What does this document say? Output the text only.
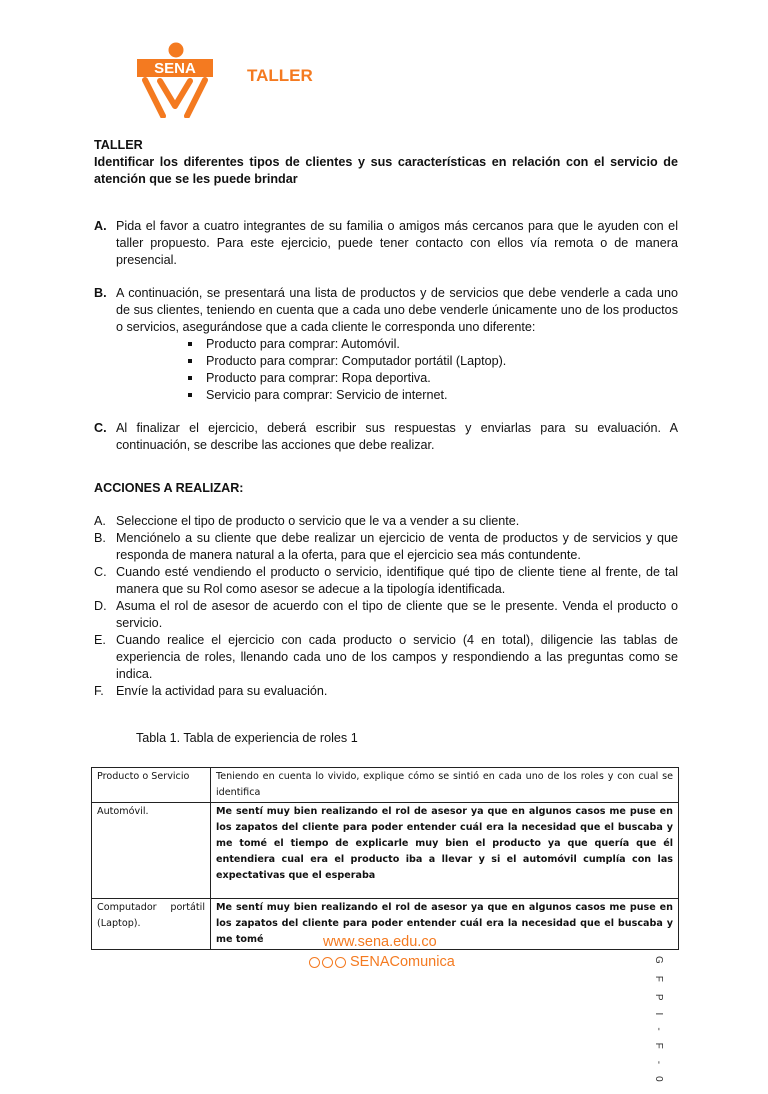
SENA	TALLER

TALLER

Identificar los diferentes tipos de clientes y sus características en relación con el servicio de atención que se les puede brindar

A. Pida el favor a cuatro integrantes de su familia o amigos más cercanos para que le ayuden con el taller propuesto. Para este ejercicio, puede tener contacto con ellos vía remota o de manera presencial.
B. A continuación, se presentará una lista de productos y de servicios que debe venderle a cada uno de sus clientes, teniendo en cuenta que a cada uno debe venderle únicamente uno de los productos o servicios, asegurándose que a cada cliente le corresponda uno diferente:
Producto para comprar: Automóvil.
Producto para comprar: Computador portátil (Laptop).
Producto para comprar: Ropa deportiva.
Servicio para comprar: Servicio de internet.
C. Al finalizar el ejercicio, deberá escribir sus respuestas y enviarlas para su evaluación. A continuación, se describe las acciones que debe realizar.
ACCIONES A REALIZAR:
A. Seleccione el tipo de producto o servicio que le va a vender a su cliente.
B. Menciónelo a su cliente que debe realizar un ejercicio de venta de productos y de servicios y que responda de manera natural a la oferta, para que el ejercicio sea más contundente.
C. Cuando esté vendiendo el producto o servicio, identifique qué tipo de cliente tiene al frente, de tal manera que su Rol como asesor se adecue a la tipología identificada.
D. Asuma el rol de asesor de acuerdo con el tipo de cliente que se le presente. Venda el producto o servicio.
E. Cuando realice el ejercicio con cada producto o servicio (4 en total), diligencie las tablas de experiencia de roles, llenando cada uno de los campos y respondiendo a las preguntas como se indica.
F. Envíe la actividad para su evaluación.
Tabla 1. Tabla de experiencia de roles 1
Producto o Servicio	Teniendo en cuenta lo vivido, explique cómo se sintió en cada uno de los roles y con cual se identifica
Automóvil.	Me sentí muy bien realizando el rol de asesor ya que en algunos casos me puse en los zapatos del cliente para poder entender cuál era la necesidad que el buscaba y me tomé el tiempo de explicarle muy bien el producto ya que quería que él entendiera cual era el producto iba a llevar y si el automóvil cumplía con las expectativas que el esperaba
Computador portátil (Laptop).	Me sentí muy bien realizando el rol de asesor ya que en algunos casos me puse en los zapatos del cliente para poder entender cuál era la necesidad que el buscaba y me tomé	www.sena.edu.co
SENAComunica	GFPI-F-0
